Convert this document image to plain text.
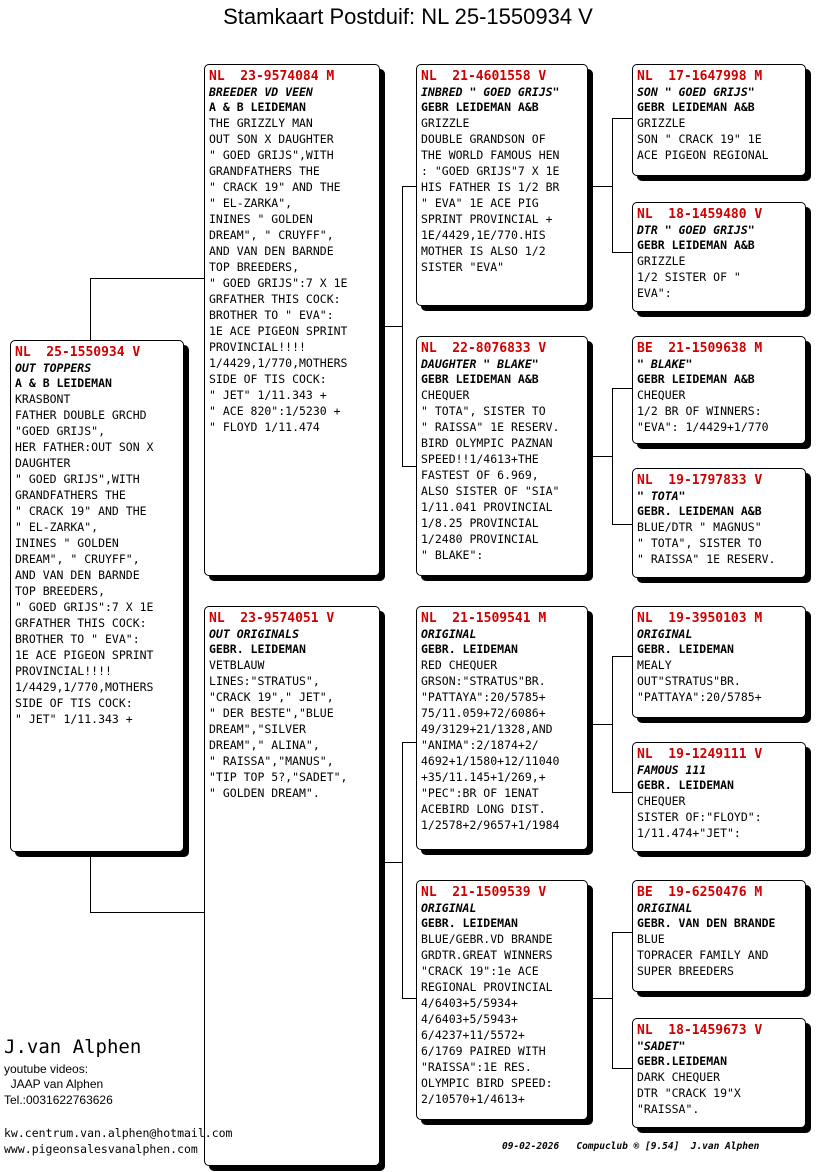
Stamkaart Postduif: NL 25-1550934 V
NL  25-1550934 V
OUT TOPPERS
A & B LEIDEMAN
KRASBONT
FATHER DOUBLE GRCHD
"GOED GRIJS",
HER FATHER:OUT SON X
DAUGHTER
" GOED GRIJS",WITH
GRANDFATHERS THE
" CRACK 19" AND THE
" EL-ZARKA",
ININES " GOLDEN
DREAM", " CRUYFF",
AND VAN DEN BARNDE
TOP BREEDERS,
" GOED GRIJS":7 X 1E
GRFATHER THIS COCK:
BROTHER TO " EVA":
1E ACE PIGEON SPRINT
PROVINCIAL!!!!
1/4429,1/770,MOTHERS
SIDE OF TIS COCK:
" JET" 1/11.343 +
NL  23-9574084 M
BREEDER VD VEEN
A & B LEIDEMAN
THE GRIZZLY MAN
OUT SON X DAUGHTER
" GOED GRIJS",WITH
GRANDFATHERS THE
" CRACK 19" AND THE
" EL-ZARKA",
ININES " GOLDEN
DREAM", " CRUYFF",
AND VAN DEN BARNDE
TOP BREEDERS,
" GOED GRIJS":7 X 1E
GRFATHER THIS COCK:
BROTHER TO " EVA":
1E ACE PIGEON SPRINT
PROVINCIAL!!!!
1/4429,1/770,MOTHERS
SIDE OF TIS COCK:
" JET" 1/11.343 +
" ACE 820":1/5230 +
" FLOYD 1/11.474
NL  23-9574051 V
OUT ORIGINALS
GEBR. LEIDEMAN
VETBLAUW
LINES:"STRATUS",
"CRACK 19"," JET",
" DER BESTE","BLUE
DREAM","SILVER
DREAM"," ALINA",
" RAISSA","MANUS",
"TIP TOP 5?,"SADET",
" GOLDEN DREAM".
NL  21-4601558 V
INBRED " GOED GRIJS"
GEBR LEIDEMAN A&B
GRIZZLE
DOUBLE GRANDSON OF
THE WORLD FAMOUS HEN
: "GOED GRIJS"7 X 1E
HIS FATHER IS 1/2 BR
" EVA" 1E ACE PIG
SPRINT PROVINCIAL +
1E/4429,1E/770.HIS
MOTHER IS ALSO 1/2
SISTER "EVA"
NL  22-8076833 V
DAUGHTER " BLAKE"
GEBR LEIDEMAN A&B
CHEQUER
" TOTA", SISTER TO
" RAISSA" 1E RESERV.
BIRD OLYMPIC PAZNAN
SPEED!!1/4613+THE
FASTEST OF 6.969,
ALSO SISTER OF "SIA"
1/11.041 PROVINCIAL
1/8.25 PROVINCIAL
1/2480 PROVINCIAL
" BLAKE":
NL  21-1509541 M
ORIGINAL
GEBR. LEIDEMAN
RED CHEQUER
GRSON:"STRATUS"BR.
"PATTAYA":20/5785+
75/11.059+72/6086+
49/3129+21/1328,AND
"ANIMA":2/1874+2/
4692+1/1580+12/11040
+35/11.145+1/269,+
"PEC":BR OF 1ENAT
ACEBIRD LONG DIST.
1/2578+2/9657+1/1984
NL  21-1509539 V
ORIGINAL
GEBR. LEIDEMAN
BLUE/GEBR.VD BRANDE
GRDTR.GREAT WINNERS
"CRACK 19":1e ACE
REGIONAL PROVINCIAL
4/6403+5/5934+
4/6403+5/5943+
6/4237+11/5572+
6/1769 PAIRED WITH
"RAISSA":1E RES.
OLYMPIC BIRD SPEED:
2/10570+1/4613+
NL  17-1647998 M
SON " GOED GRIJS"
GEBR LEIDEMAN A&B
GRIZZLE
SON " CRACK 19" 1E
ACE PIGEON REGIONAL
NL  18-1459480 V
DTR " GOED GRIJS"
GEBR LEIDEMAN A&B
GRIZZLE
1/2 SISTER OF "
EVA":
BE  21-1509638 M
" BLAKE"
GEBR LEIDEMAN A&B
CHEQUER
1/2 BR OF WINNERS:
"EVA": 1/4429+1/770
NL  19-1797833 V
" TOTA"
GEBR. LEIDEMAN A&B
BLUE/DTR " MAGNUS"
" TOTA", SISTER TO
" RAISSA" 1E RESERV.
NL  19-3950103 M
ORIGINAL
GEBR. LEIDEMAN
MEALY
OUT"STRATUS"BR.
"PATTAYA":20/5785+
NL  19-1249111 V
FAMOUS 111
GEBR. LEIDEMAN
CHEQUER
SISTER OF:"FLOYD":
1/11.474+"JET":
BE  19-6250476 M
ORIGINAL
GEBR. VAN DEN BRANDE
BLUE
TOPRACER FAMILY AND
SUPER BREEDERS
NL  18-1459673 V
"SADET"
GEBR.LEIDEMAN
DARK CHEQUER
DTR "CRACK 19"X
"RAISSA".
J.van Alphen
youtube videos:
JAAP van Alphen
Tel.:0031622763626
kw.centrum.van.alphen@hotmail.com
www.pigeonsalesvanalphen.com	09-02-2026   Compuclub ® [9.54]  J.van Alphen
